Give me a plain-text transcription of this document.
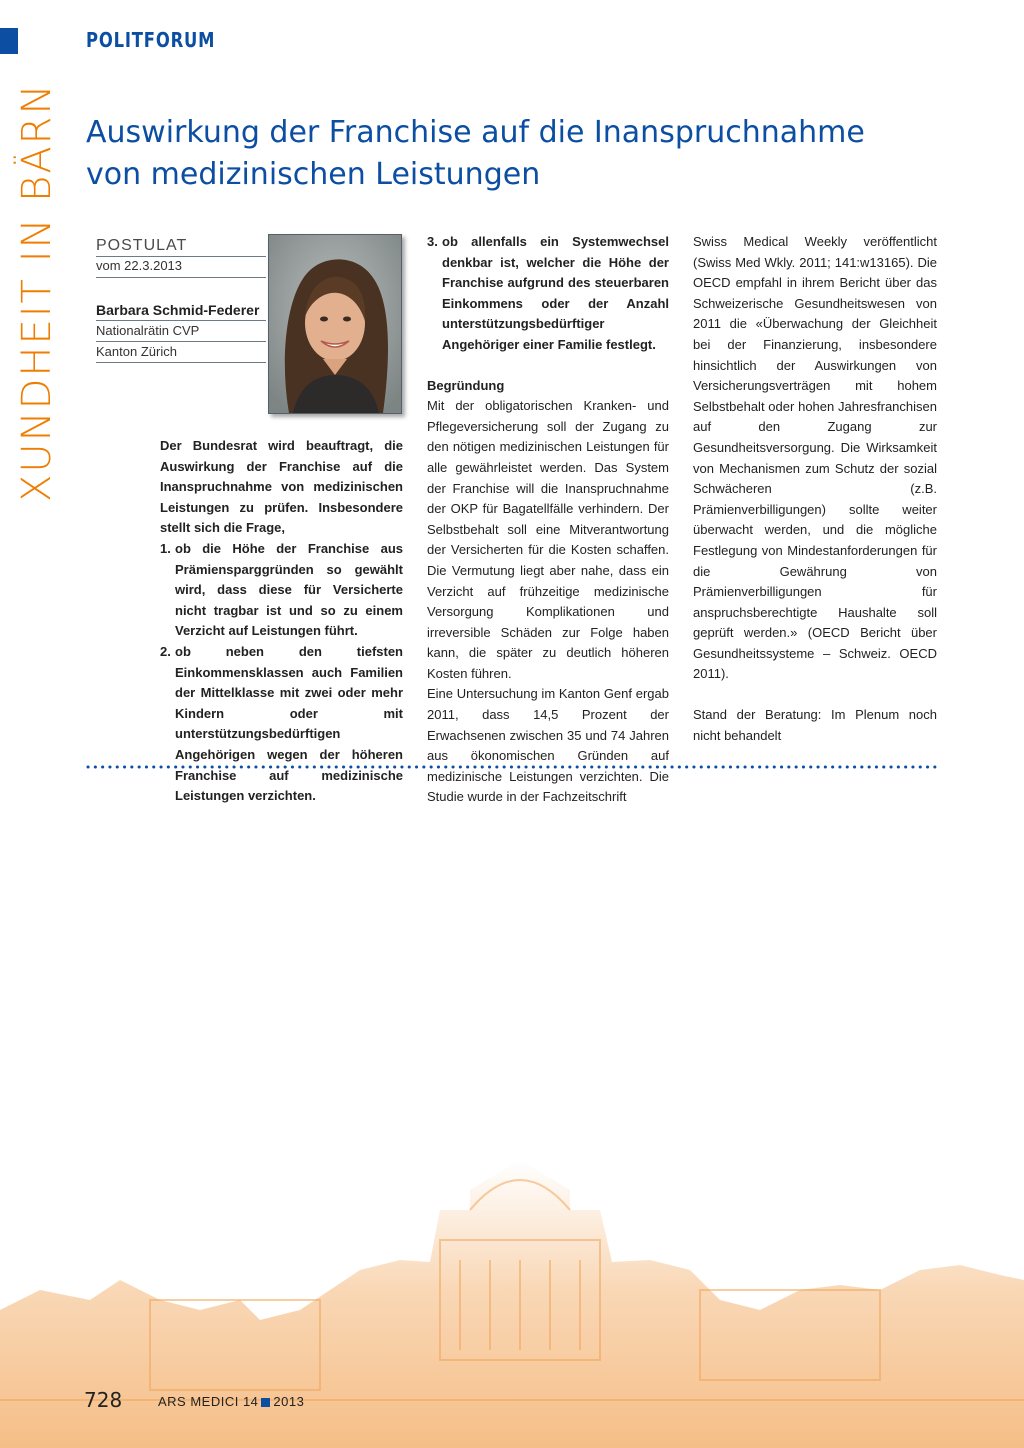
POLITFORUM
XUNDHEIT IN BÄRN Auswirkung der Franchise auf die Inanspruchnahme
von medizinischen Leistungen
POSTULAT
vom 22.3.2013
Barbara Schmid-Federer
Nationalrätin CVP
Kanton Zürich

Der Bundesrat wird beauftragt, die Auswirkung der Franchise auf die Inanspruchnahme von medizinischen Leistungen zu prüfen. Insbesondere stellt sich die Frage,

1. ob die Höhe der Franchise aus Prämiensparggründen so gewählt wird, dass diese für Versicherte nicht tragbar ist und so zu einem Verzicht auf Leistungen führt.
2. ob neben den tiefsten Einkommensklassen auch Familien der Mittelklasse mit zwei oder mehr Kindern oder mit unterstützungsbedürftigen Angehörigen wegen der höheren Franchise auf medizinische Leistungen verzichten.
3. ob allenfalls ein Systemwechsel denkbar ist, welcher die Höhe der Franchise aufgrund des steuerbaren Einkommens oder der Anzahl unterstützungsbedürftiger Angehöriger einer Familie festlegt.

Begründung

Mit der obligatorischen Kranken- und Pflegeversicherung soll der Zugang zu den nötigen medizinischen Leistungen für alle gewährleistet werden. Das System der Franchise will die Inanspruchnahme der OKP für Bagatellfälle verhindern. Der Selbstbehalt soll eine Mitverantwortung der Versicherten für die Kosten schaffen. Die Vermutung liegt aber nahe, dass ein Verzicht auf frühzeitige medizinische Versorgung Komplikationen und irreversible Schäden zur Folge haben kann, die später zu deutlich höheren Kosten führen.

Eine Untersuchung im Kanton Genf ergab 2011, dass 14,5 Prozent der Erwachsenen zwischen 35 und 74 Jahren aus ökonomischen Gründen auf medizinische Leistungen verzichten. Die Studie wurde in der Fachzeitschrift

Swiss Medical Weekly veröffentlicht (Swiss Med Wkly. 2011; 141:w13165). Die OECD empfahl in ihrem Bericht über das Schweizerische Gesundheitswesen von 2011 die «Überwachung der Gleichheit bei der Finanzierung, insbesondere hinsichtlich der Auswirkungen von Versicherungsverträgen mit hohem Selbstbehalt oder hohen Jahresfranchisen auf den Zugang zur Gesundheitsversorgung. Die Wirksamkeit von Mechanismen zum Schutz der sozial Schwächeren (z.B. Prämienverbilligungen) sollte weiter überwacht werden, und die mögliche Festlegung von Mindestanforderungen für die Gewährung von Prämienverbilligungen für anspruchsberechtigte Haushalte soll geprüft werden.» (OECD Bericht über Gesundheitssysteme – Schweiz. OECD 2011).

Stand der Beratung: Im Plenum noch nicht behandelt

728	ARS MEDICI 14 2013
